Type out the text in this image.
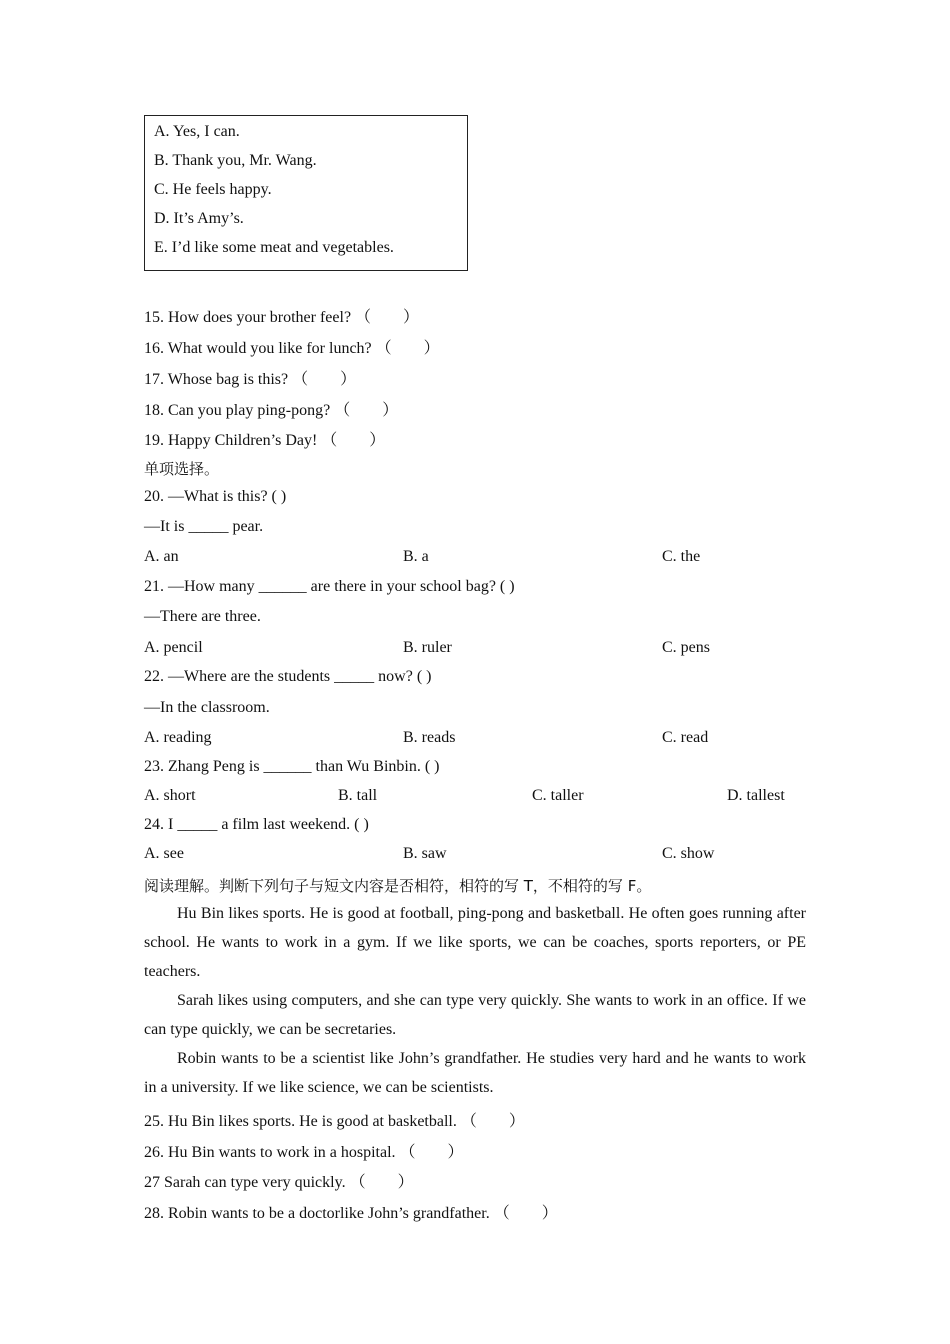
A. Yes, I can.
B. Thank you, Mr. Wang.
C. He feels happy.
D. It’s Amy’s.
E. I’d like some meat and vegetables.
15. How does your brother feel? （　　）
16. What would you like for lunch? （　　）
17. Whose bag is this? （　　）
18. Can you play ping-pong? （　　）
19. Happy Children’s Day! （　　）
单项选择。
20. —What is this? ( )
—It is _____ pear.
A. an	B. a	C. the
21. —How many ______ are there in your school bag? ( )
—There are three.
A. pencil	B. ruler	C. pens
22. —Where are the students _____ now? ( )
—In the classroom.
A. reading	B. reads	C. read
23. Zhang Peng is ______ than Wu Binbin. ( )
A. short	B. tall	C. taller	D. tallest
24. I _____ a film last weekend. ( )
A. see	B. saw	C. show
阅读理解。判断下列句子与短文内容是否相符，相符的写 T，不相符的写 F。
Hu Bin likes sports. He is good at football, ping-pong and basketball. He often goes running after school. He wants to work in a gym. If we like sports, we can be coaches, sports reporters, or PE teachers.
Sarah likes using computers, and she can type very quickly. She wants to work in an office. If we can type quickly, we can be secretaries.
Robin wants to be a scientist like John’s grandfather. He studies very hard and he wants to work in a university. If we like science, we can be scientists.
25. Hu Bin likes sports. He is good at basketball. （　　）
26. Hu Bin wants to work in a hospital. （　　）
27 Sarah can type very quickly. （　　）
28. Robin wants to be a doctorlike John’s grandfather. （　　）
